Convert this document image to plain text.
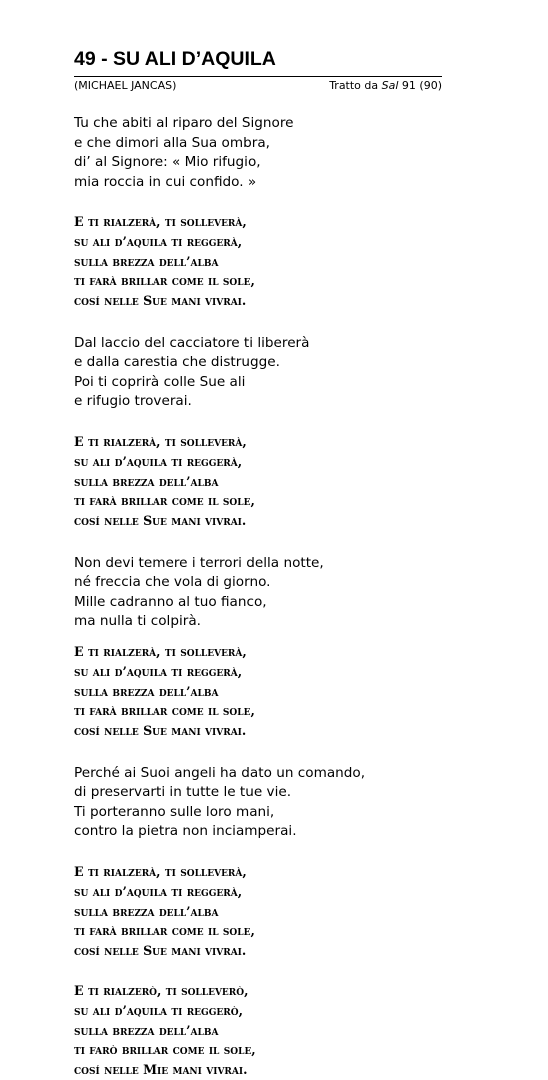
49 - SU ALI D’AQUILA
(MICHAEL JANCAS)	Tratto da Sal 91 (90)
Tu che abiti al riparo del Signore
e che dimori alla Sua ombra,
di’ al Signore: « Mio rifugio,
mia roccia in cui confido. »
E ti rialzerà, ti solleverà,
su ali d’aquila ti reggerà,
sulla brezza dell’alba
ti farà brillar come il sole,
cosí nelle Sue mani vivrai.
Dal laccio del cacciatore ti libererà
e dalla carestia che distrugge.
Poi ti coprirà colle Sue ali
e rifugio troverai.
E ti rialzerà, ti solleverà,
su ali d’aquila ti reggerà,
sulla brezza dell’alba
ti farà brillar come il sole,
cosí nelle Sue mani vivrai.
Non devi temere i terrori della notte,
né freccia che vola di giorno.
Mille cadranno al tuo fianco,
ma nulla ti colpirà.
E ti rialzerà, ti solleverà,
su ali d’aquila ti reggerà,
sulla brezza dell’alba
ti farà brillar come il sole,
cosí nelle Sue mani vivrai.
Perché ai Suoi angeli ha dato un comando,
di preservarti in tutte le tue vie.
Ti porteranno sulle loro mani,
contro la pietra non inciamperai.
E ti rialzerà, ti solleverà,
su ali d’aquila ti reggerà,
sulla brezza dell’alba
ti farà brillar come il sole,
cosí nelle Sue mani vivrai.
E ti rialzerò, ti solleverò,
su ali d’aquila ti reggerò,
sulla brezza dell’alba
ti farò brillar come il sole,
cosí nelle Mie mani vivrai.
